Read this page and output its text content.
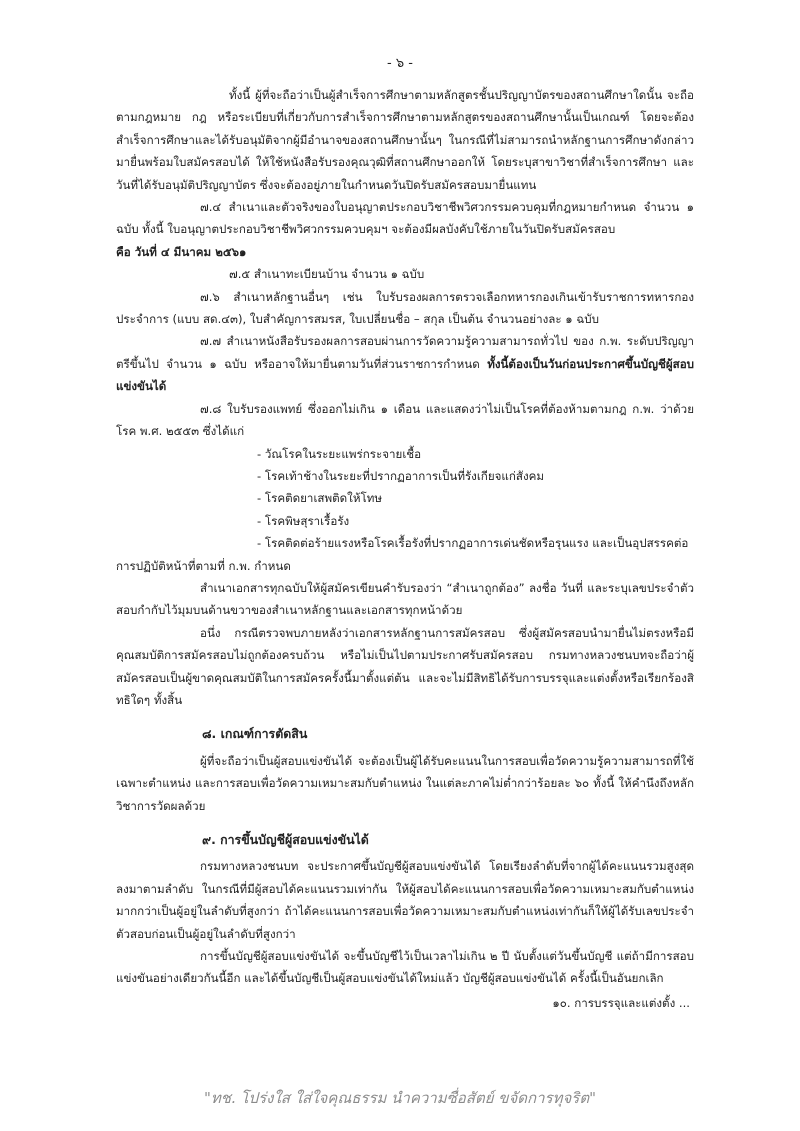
- ๖ -

ทั้งนี้ ผู้ที่จะถือว่าเป็นผู้สำเร็จการศึกษาตามหลักสูตรชั้นปริญญาบัตรของสถานศึกษาใดนั้น จะถือตามกฎหมาย กฎ หรือระเบียบที่เกี่ยวกับการสำเร็จการศึกษาตามหลักสูตรของสถานศึกษานั้นเป็นเกณฑ์ โดยจะต้องสำเร็จการศึกษาและได้รับอนุมัติจากผู้มีอำนาจของสถานศึกษานั้นๆ ในกรณีที่ไม่สามารถนำหลักฐานการศึกษาดังกล่าวมายื่นพร้อมใบสมัครสอบได้ ให้ใช้หนังสือรับรองคุณวุฒิที่สถานศึกษาออกให้ โดยระบุสาขาวิชาที่สำเร็จการศึกษา และวันที่ได้รับอนุมัติปริญญาบัตร ซึ่งจะต้องอยู่ภายในกำหนดวันปิดรับสมัครสอบมายื่นแทน

๗.๔ สำเนาและตัวจริงของใบอนุญาตประกอบวิชาชีพวิศวกรรมควบคุมที่กฎหมายกำหนด จำนวน ๑ ฉบับ ทั้งนี้ ใบอนุญาตประกอบวิชาชีพวิศวกรรมควบคุมฯ จะต้องมีผลบังคับใช้ภายในวันปิดรับสมัครสอบ
คือ วันที่ ๔ มีนาคม ๒๕๖๑

๗.๕ สำเนาทะเบียนบ้าน จำนวน ๑ ฉบับ

๗.๖ สำเนาหลักฐานอื่นๆ เช่น ใบรับรองผลการตรวจเลือกทหารกองเกินเข้ารับราชการทหารกองประจำการ (แบบ สด.๔๓), ใบสำคัญการสมรส, ใบเปลี่ยนชื่อ – สกุล เป็นต้น จำนวนอย่างละ ๑ ฉบับ

๗.๗ สำเนาหนังสือรับรองผลการสอบผ่านการวัดความรู้ความสามารถทั่วไป ของ ก.พ. ระดับปริญญาตรีขึ้นไป จำนวน ๑ ฉบับ หรืออาจให้มายื่นตามวันที่ส่วนราชการกำหนด ทั้งนี้ต้องเป็นวันก่อนประกาศขึ้นบัญชีผู้สอบแข่งขันได้

๗.๘ ใบรับรองแพทย์ ซึ่งออกไม่เกิน ๑ เดือน และแสดงว่าไม่เป็นโรคที่ต้องห้ามตามกฎ ก.พ. ว่าด้วยโรค พ.ศ. ๒๕๕๓ ซึ่งได้แก่

- วัณโรคในระยะแพร่กระจายเชื้อ

- โรคเท้าช้างในระยะที่ปรากฏอาการเป็นที่รังเกียจแก่สังคม

- โรคติดยาเสพติดให้โทษ

- โรคพิษสุราเรื้อรัง

- โรคติดต่อร้ายแรงหรือโรคเรื้อรังที่ปรากฏอาการเด่นชัดหรือรุนแรง และเป็นอุปสรรคต่อ

การปฏิบัติหน้าที่ตามที่ ก.พ. กำหนด

สำเนาเอกสารทุกฉบับให้ผู้สมัครเขียนคำรับรองว่า “สำเนาถูกต้อง” ลงชื่อ วันที่ และระบุเลขประจำตัวสอบกำกับไว้มุมบนด้านขวาของสำเนาหลักฐานและเอกสารทุกหน้าด้วย

อนึ่ง กรณีตรวจพบภายหลังว่าเอกสารหลักฐานการสมัครสอบ ซึ่งผู้สมัครสอบนำมายื่นไม่ตรงหรือมีคุณสมบัติการสมัครสอบไม่ถูกต้องครบถ้วน หรือไม่เป็นไปตามประกาศรับสมัครสอบ กรมทางหลวงชนบทจะถือว่าผู้สมัครสอบเป็นผู้ขาดคุณสมบัติในการสมัครครั้งนี้มาตั้งแต่ต้น และจะไม่มีสิทธิได้รับการบรรจุและแต่งตั้งหรือเรียกร้องสิทธิใดๆ ทั้งสิ้น

๘. เกณฑ์การตัดสิน

ผู้ที่จะถือว่าเป็นผู้สอบแข่งขันได้ จะต้องเป็นผู้ได้รับคะแนนในการสอบเพื่อวัดความรู้ความสามารถที่ใช้เฉพาะตำแหน่ง และการสอบเพื่อวัดความเหมาะสมกับตำแหน่ง ในแต่ละภาคไม่ต่ำกว่าร้อยละ ๖๐ ทั้งนี้ ให้คำนึงถึงหลักวิชาการวัดผลด้วย

๙. การขึ้นบัญชีผู้สอบแข่งขันได้

กรมทางหลวงชนบท จะประกาศขึ้นบัญชีผู้สอบแข่งขันได้ โดยเรียงลำดับที่จากผู้ได้คะแนนรวมสูงสุดลงมาตามลำดับ ในกรณีที่มีผู้สอบได้คะแนนรวมเท่ากัน ให้ผู้สอบได้คะแนนการสอบเพื่อวัดความเหมาะสมกับตำแหน่งมากกว่าเป็นผู้อยู่ในลำดับที่สูงกว่า ถ้าได้คะแนนการสอบเพื่อวัดความเหมาะสมกับตำแหน่งเท่ากันก็ให้ผู้ได้รับเลขประจำตัวสอบก่อนเป็นผู้อยู่ในลำดับที่สูงกว่า

การขึ้นบัญชีผู้สอบแข่งขันได้ จะขึ้นบัญชีไว้เป็นเวลาไม่เกิน ๒ ปี นับตั้งแต่วันขึ้นบัญชี แต่ถ้ามีการสอบแข่งขันอย่างเดียวกันนี้อีก และได้ขึ้นบัญชีเป็นผู้สอบแข่งขันได้ใหม่แล้ว บัญชีผู้สอบแข่งขันได้ ครั้งนี้เป็นอันยกเลิก

๑๐. การบรรจุและแต่งตั้ง ...

"ทช. โปร่งใส ใส่ใจคุณธรรม นำความซื่อสัตย์ ขจัดการทุจริต"
